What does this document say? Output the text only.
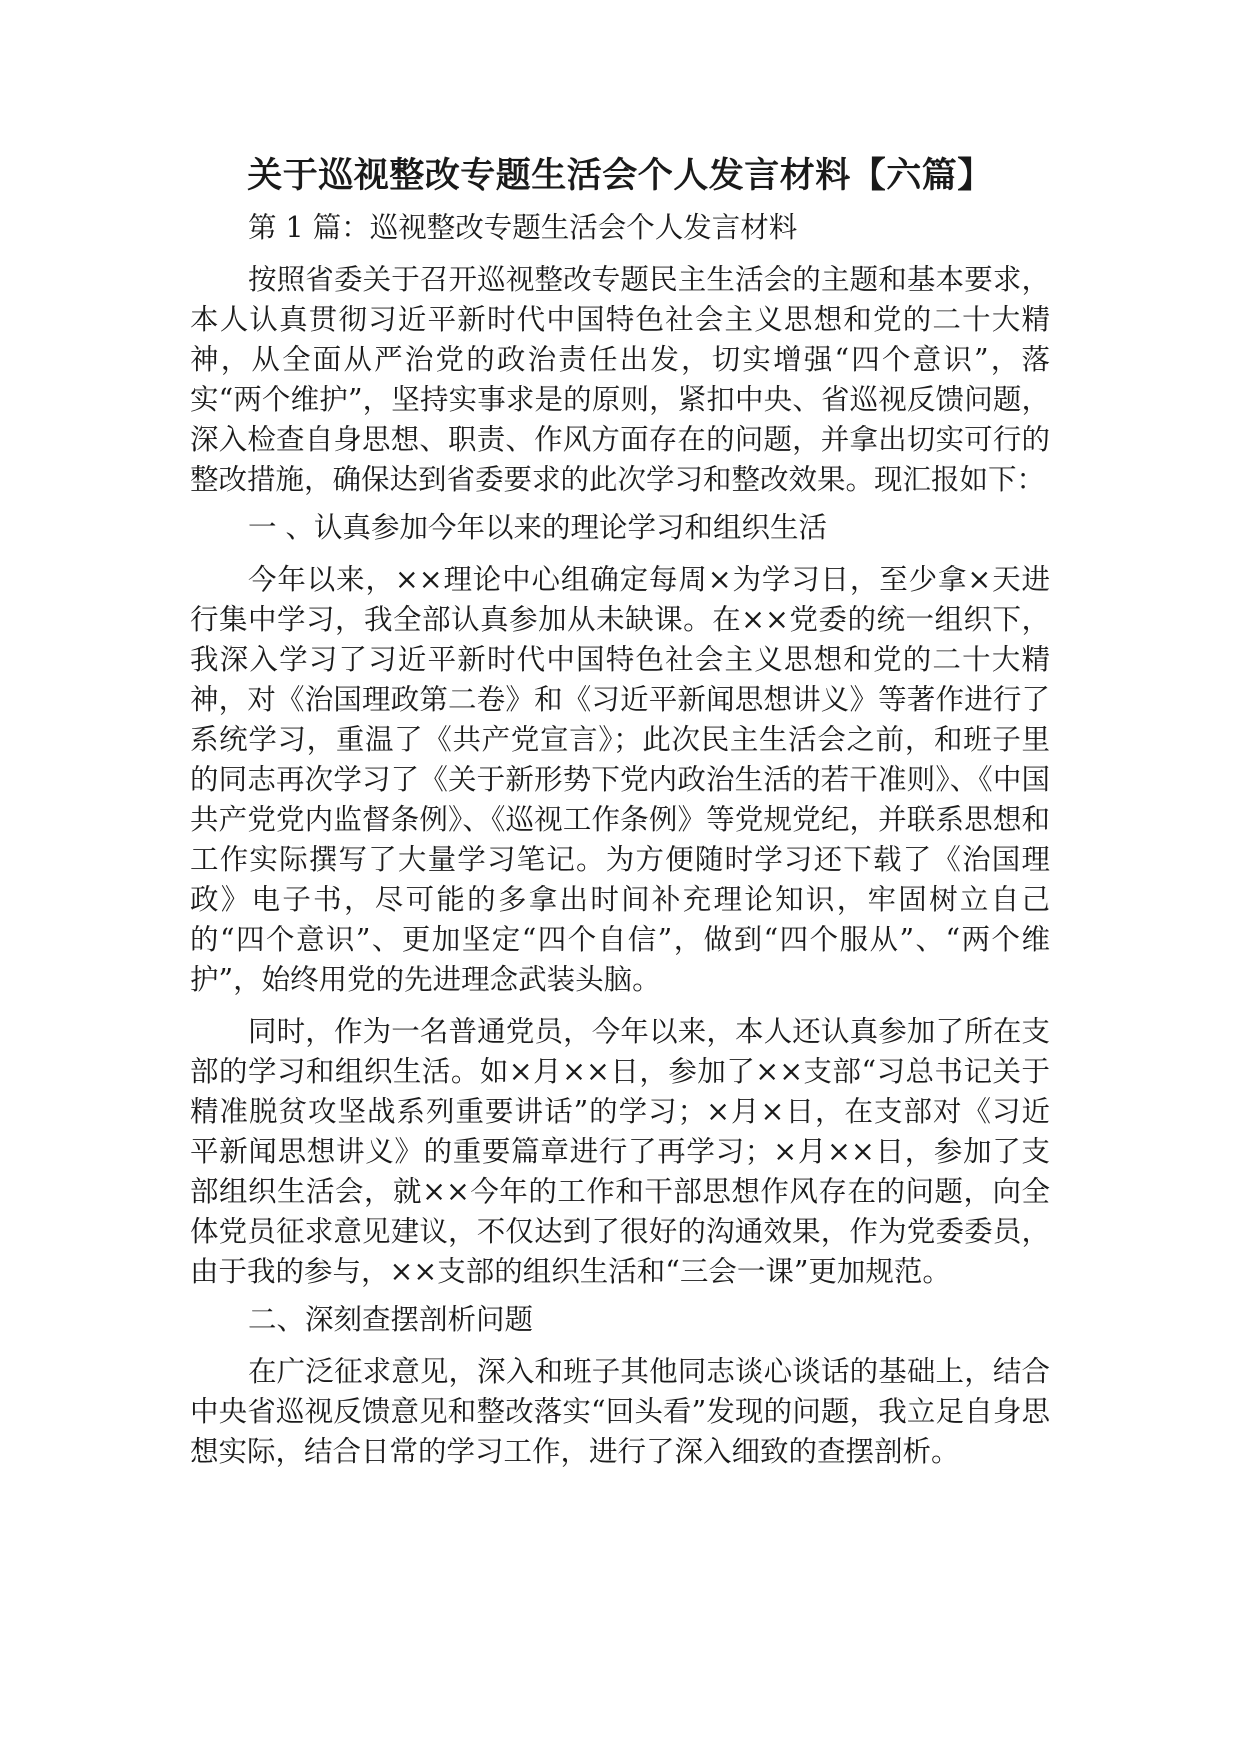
关于巡视整改专题生活会个人发言材料【六篇】

第 1 篇：巡视整改专题生活会个人发言材料

按照省委关于召开巡视整改专题民主生活会的主题和基本要求，本人认真贯彻习近平新时代中国特色社会主义思想和党的二十大精神，从全面从严治党的政治责任出发，切实增强“四个意识”，落实“两个维护”，坚持实事求是的原则，紧扣中央、省巡视反馈问题，深入检查自身思想、职责、作风方面存在的问题，并拿出切实可行的整改措施，确保达到省委要求的此次学习和整改效果。现汇报如下：

一 、认真参加今年以来的理论学习和组织生活

今年以来，××理论中心组确定每周×为学习日，至少拿×天进行集中学习，我全部认真参加从未缺课。在××党委的统一组织下，我深入学习了习近平新时代中国特色社会主义思想和党的二十大精神，对《治国理政第二卷》和《习近平新闻思想讲义》等著作进行了系统学习，重温了《共产党宣言》；此次民主生活会之前，和班子里的同志再次学习了《关于新形势下党内政治生活的若干准则》、《中国共产党党内监督条例》、《巡视工作条例》等党规党纪，并联系思想和工作实际撰写了大量学习笔记。为方便随时学习还下载了《治国理政》电子书，尽可能的多拿出时间补充理论知识，牢固树立自己的“四个意识”、更加坚定“四个自信”，做到“四个服从”、“两个维护”，始终用党的先进理念武装头脑。

同时，作为一名普通党员，今年以来，本人还认真参加了所在支部的学习和组织生活。如×月××日，参加了××支部“习总书记关于精准脱贫攻坚战系列重要讲话”的学习；×月×日，在支部对《习近平新闻思想讲义》的重要篇章进行了再学习；×月××日，参加了支部组织生活会，就××今年的工作和干部思想作风存在的问题，向全体党员征求意见建议，不仅达到了很好的沟通效果，作为党委委员，由于我的参与，××支部的组织生活和“三会一课”更加规范。

二、深刻查摆剖析问题

在广泛征求意见，深入和班子其他同志谈心谈话的基础上，结合中央省巡视反馈意见和整改落实“回头看”发现的问题，我立足自身思想实际，结合日常的学习工作，进行了深入细致的查摆剖析。
